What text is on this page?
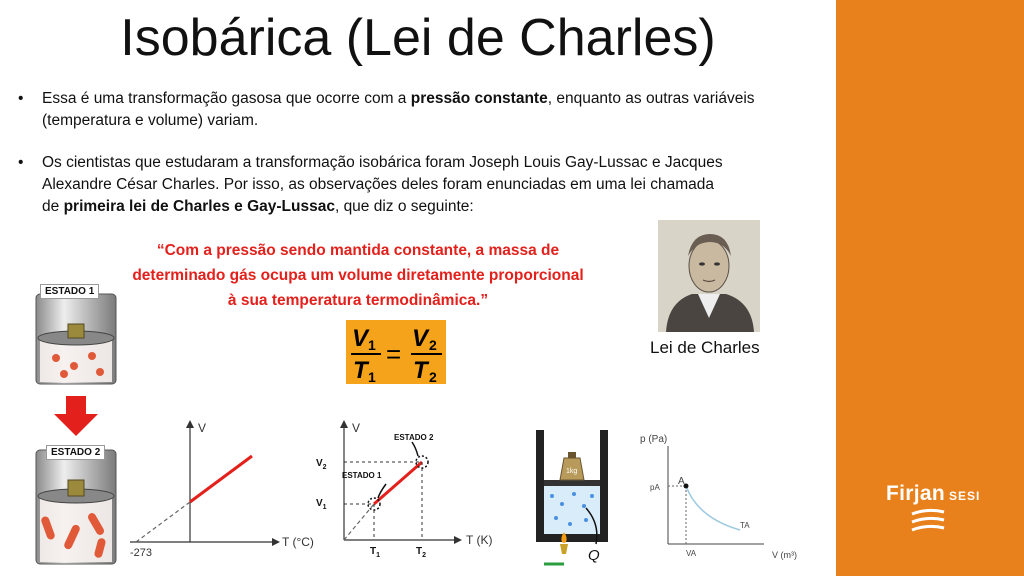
Isobárica (Lei de Charles)
• Essa é uma transformação gasosa que ocorre com a pressão constante, enquanto as outras variáveis
(temperatura e volume) variam.
• Os cientistas que estudaram a transformação isobárica foram Joseph Louis Gay-Lussac e Jacques
Alexandre César Charles. Por isso, as observações deles foram enunciadas em uma lei chamada
de primeira lei de Charles e Gay-Lussac, que diz o seguinte:
“Com a pressão sendo mantida constante, a massa de
determinado gás ocupa um volume diretamente proporcional
à sua temperatura termodinâmica.”
V 1
T 1
=
V 2
T 2
Lei de Charles
ESTADO 1
ESTADO 2
V
T (°C)
-273
V
T (K)
ESTADO 1
ESTADO 2
$V_2$
$V_1$
$T_1$	$T_2$
1kg
Q
p (Pa)
V (m³)
A
pA
VA
TA
Firjan SESI
